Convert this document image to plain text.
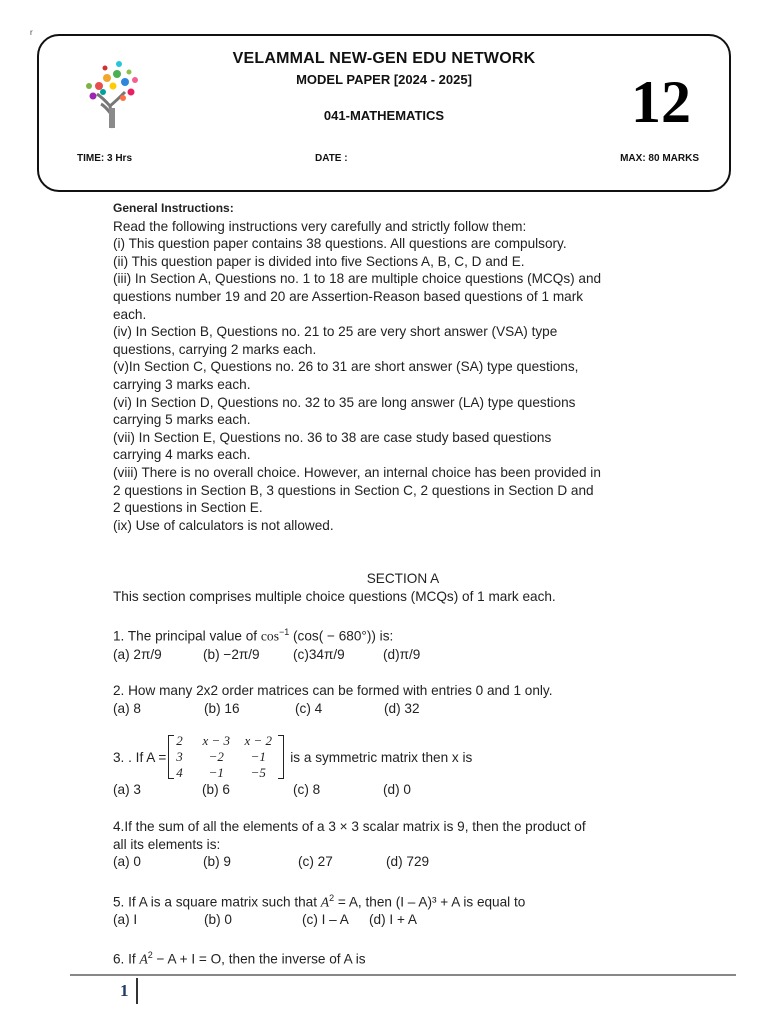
r
VELAMMAL NEW-GEN EDU NETWORK
MODEL PAPER [2024 - 2025]
041-MATHEMATICS	12
TIME: 3 Hrs	DATE :	MAX: 80 MARKS
General Instructions:
Read the following instructions very carefully and strictly follow them:
(i) This question paper contains 38 questions. All questions are compulsory.
(ii) This question paper is divided into five Sections A, B, C, D and E.
(iii) In Section A, Questions no. 1 to 18 are multiple choice questions (MCQs) and
questions number 19 and 20 are Assertion-Reason based questions of 1 mark
each.
(iv) In Section B, Questions no. 21 to 25 are very short answer (VSA) type
questions, carrying 2 marks each.
(v)In Section C, Questions no. 26 to 31 are short answer (SA) type questions,
carrying 3 marks each.
(vi) In Section D, Questions no. 32 to 35 are long answer (LA) type questions
carrying 5 marks each.
(vii) In Section E, Questions no. 36 to 38 are case study based questions
carrying 4 marks each.
(viii) There is no overall choice. However, an internal choice has been provided in
2 questions in Section B, 3 questions in Section C, 2 questions in Section D and
2 questions in Section E.
(ix) Use of calculators is not allowed.
SECTION A
This section comprises multiple choice questions (MCQs) of 1 mark each.
1. The principal value of $\cos^{-1} (\cos( - 680^\circ))$ is:
(a) 2π/9	(b) −2π/9	(c)34π/9	(d)π/9
2. How many 2x2 order matrices can be formed with entries 0 and 1 only.
(a) 8	(b) 16	(c) 4	(d) 32
3. . If A =
2	x − 3	x − 2
3	−2	−1
4	−1	−5
is a symmetric matrix then x is
(a) 3	(b) 6	(c) 8	(d) 0
4.If the sum of all the elements of a 3 × 3 scalar matrix is 9, then the product of
all its elements is:
(a) 0	(b) 9	(c) 27	(d) 729
5. If A is a square matrix such that $A^2 = A$, then (I – A)³ + A is equal to
(a) I	(b) 0	(c) I – A	(d) I + A
6. If $A^2 - A + I = O$, then the inverse of A is
1
